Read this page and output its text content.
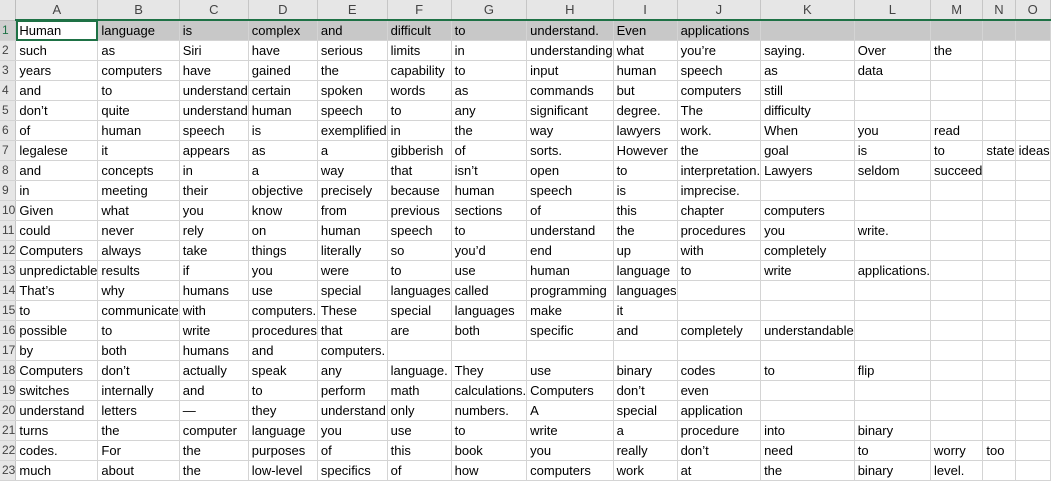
	A	B	C	D	E	F	G	H	I	J	K	L	M	N	O
1	Human	language	is	complex	and	difficult	to	understand.	Even	applications					
2	such	as	Siri	have	serious	limits	in	understanding	what	you’re	saying.	Over	the		
3	years	computers	have	gained	the	capability	to	input	human	speech	as	data			
4	and	to	understand	certain	spoken	words	as	commands	but	computers	still				
5	don’t	quite	understand	human	speech	to	any	significant	degree.	The	difficulty				
6	of	human	speech	is	exemplified	in	the	way	lawyers	work.	When	you	read		
7	legalese	it	appears	as	a	gibberish	of	sorts.	However	the	goal	is	to	state	ideas
8	and	concepts	in	a	way	that	isn’t	open	to	interpretation.	Lawyers	seldom	succeed		
9	in	meeting	their	objective	precisely	because	human	speech	is	imprecise.					
10	Given	what	you	know	from	previous	sections	of	this	chapter	computers				
11	could	never	rely	on	human	speech	to	understand	the	procedures	you	write.			
12	Computers	always	take	things	literally	so	you’d	end	up	with	completely				
13	unpredictable	results	if	you	were	to	use	human	language	to	write	applications.			
14	That’s	why	humans	use	special	languages	called	programming	languages						
15	to	communicate	with	computers.	These	special	languages	make	it						
16	possible	to	write	procedures	that	are	both	specific	and	completely	understandable				
17	by	both	humans	and	computers.										
18	Computers	don’t	actually	speak	any	language.	They	use	binary	codes	to	flip			
19	switches	internally	and	to	perform	math	calculations.	Computers	don’t	even					
20	understand	letters	—	they	understand	only	numbers.	A	special	application					
21	turns	the	computer	language	you	use	to	write	a	procedure	into	binary			
22	codes.	For	the	purposes	of	this	book	you	really	don’t	need	to	worry	too	
23	much	about	the	low-level	specifics	of	how	computers	work	at	the	binary	level.		
